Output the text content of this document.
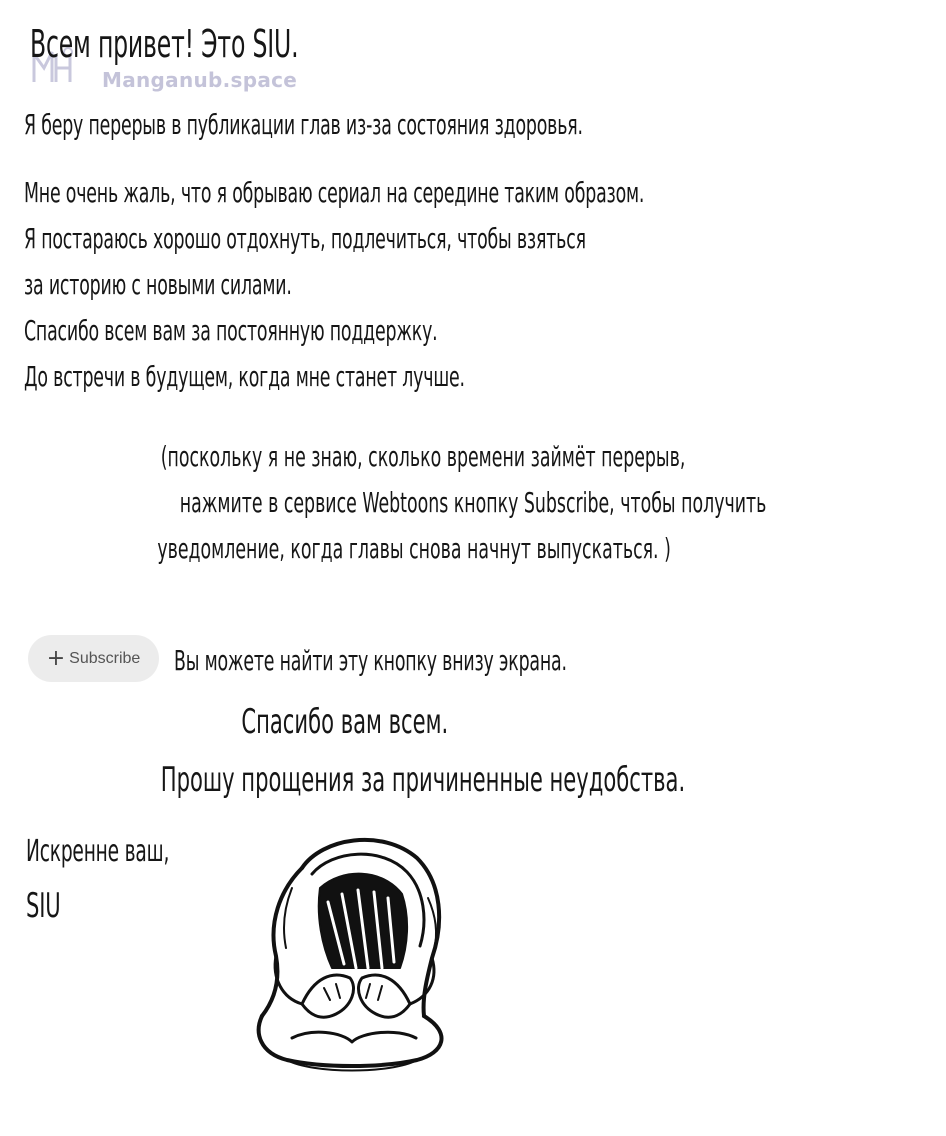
Manganub.space
Всем привет! Это SIU.
Я беру перерыв в публикации глав из-за состояния здоровья.
Мне очень жаль, что я обрываю сериал на середине таким образом.
Я постараюсь хорошо отдохнуть, подлечиться, чтобы взяться
за историю с новыми силами.
Спасибо всем вам за постоянную поддержку.
До встречи в будущем, когда мне станет лучше.
(поскольку я не знаю, сколько времени займёт перерыв,
нажмите в сервисе Webtoons кнопку Subscribe, чтобы получить
уведомление, когда главы снова начнут выпускаться. )
+ Subscribe Вы можете найти эту кнопку внизу экрана.
Спасибо вам всем.
Прошу прощения за причиненные неудобства.
Искренне ваш,
SIU
